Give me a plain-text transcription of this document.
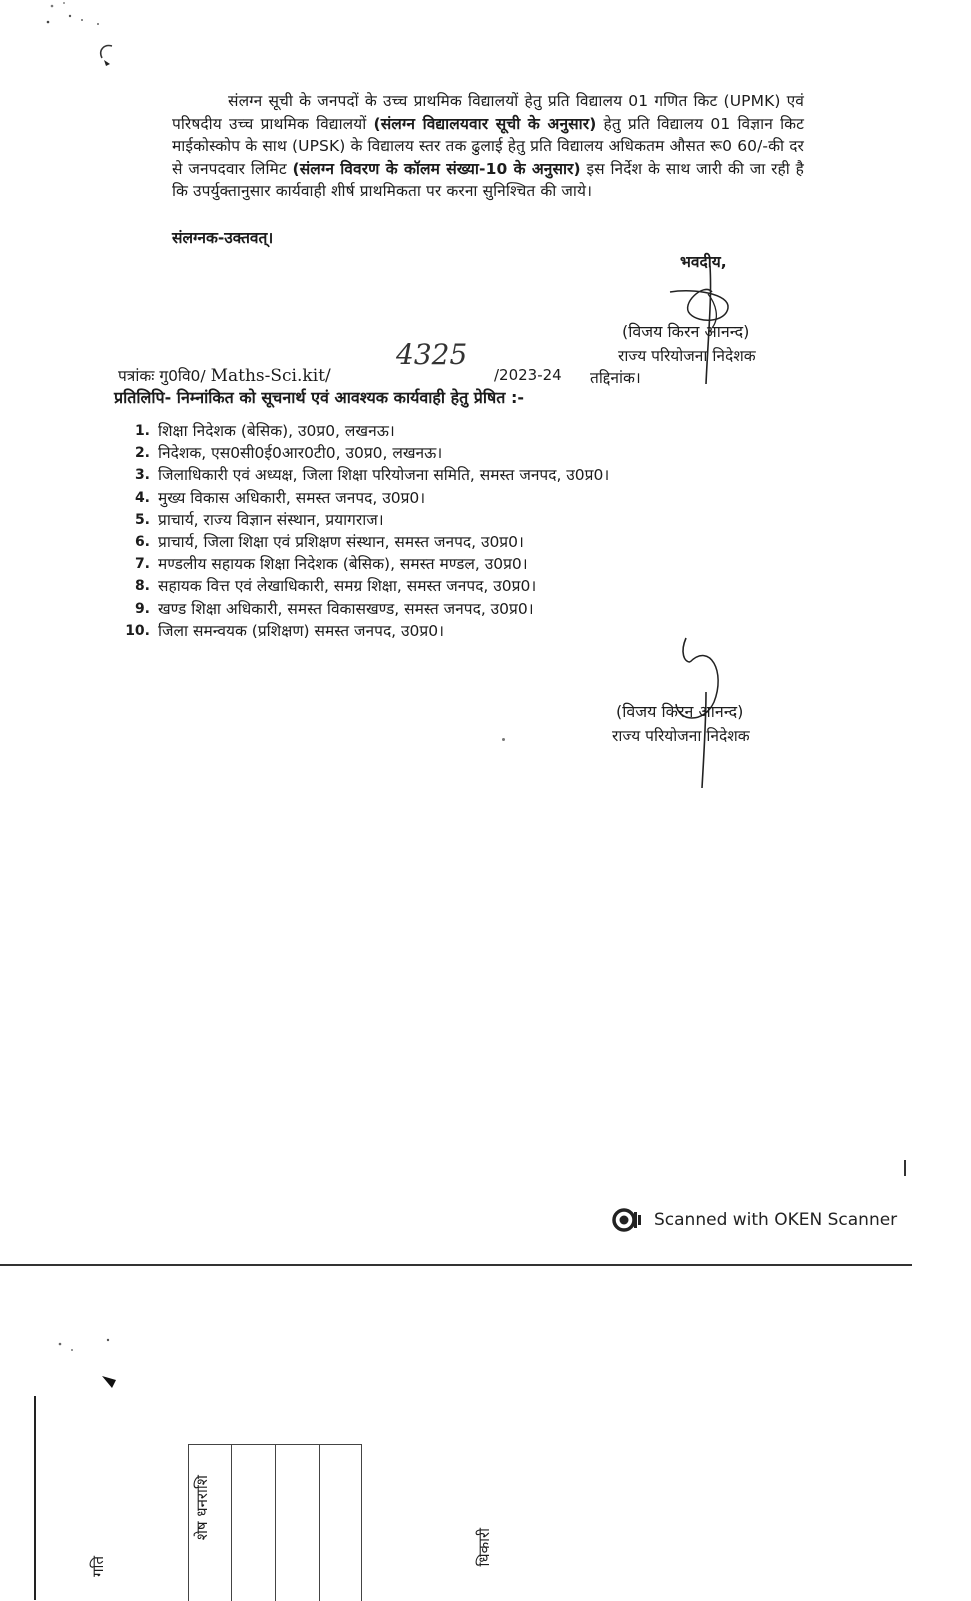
संलग्न सूची के जनपदों के उच्च प्राथमिक विद्यालयों हेतु प्रति विद्यालय 01 गणित किट (UPMK) एवं परिषदीय उच्च प्राथमिक विद्यालयों (संलग्न विद्यालयवार सूची के अनुसार) हेतु प्रति विद्यालय 01 विज्ञान किट माईकोस्कोप के साथ (UPSK) के विद्यालय स्तर तक ढुलाई हेतु प्रति विद्यालय अधिकतम औसत रू0 60/-की दर से जनपदवार लिमिट (संलग्न विवरण के कॉलम संख्या-10 के अनुसार) इस निर्देश के साथ जारी की जा रही है कि उपर्युक्तानुसार कार्यवाही शीर्ष प्राथमिकता पर करना सुनिश्चित की जाये।
संलग्नक-उक्तवत्।
भवदीय,
(विजय किरन आनन्द)
राज्य परियोजना निदेशक
पत्रांकः गु0वि0/ Maths-Sci.kit/
4325
/2023-24 तद्दिनांक।
प्रतिलिपि- निम्नांकित को सूचनार्थ एवं आवश्यक कार्यवाही हेतु प्रेषित :-
1. शिक्षा निदेशक (बेसिक), उ0प्र0, लखनऊ।
2. निदेशक, एस0सी0ई0आर0टी0, उ0प्र0, लखनऊ।
3. जिलाधिकारी एवं अध्यक्ष, जिला शिक्षा परियोजना समिति, समस्त जनपद, उ0प्र0।
4. मुख्य विकास अधिकारी, समस्त जनपद, उ0प्र0।
5. प्राचार्य, राज्य विज्ञान संस्थान, प्रयागराज।
6. प्राचार्य, जिला शिक्षा एवं प्रशिक्षण संस्थान, समस्त जनपद, उ0प्र0।
7. मण्डलीय सहायक शिक्षा निदेशक (बेसिक), समस्त मण्डल, उ0प्र0।
8. सहायक वित्त एवं लेखाधिकारी, समग्र शिक्षा, समस्त जनपद, उ0प्र0।
9. खण्ड शिक्षा अधिकारी, समस्त विकासखण्ड, समस्त जनपद, उ0प्र0।
10. जिला समन्वयक (प्रशिक्षण) समस्त जनपद, उ0प्र0।
(विजय किरन आनन्द)
राज्य परियोजना निदेशक
Scanned with OKEN Scanner
गति
शेष धनराशि
धिकारी
